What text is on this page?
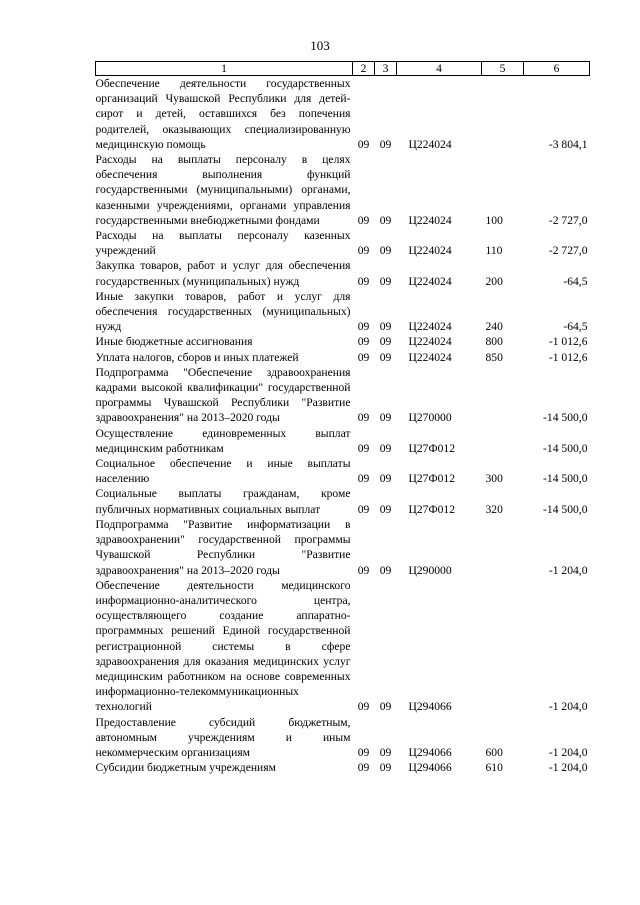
103
1	2	3	4	5	6
Обеспечение деятельности государственных организаций Чувашской Республики для детей-сирот и детей, оставшихся без попечения родителей, оказывающих специализированную медицинскую помощь	09	09	Ц224024		-3 804,1
Расходы на выплаты персоналу в целях обеспечения выполнения функций государственными (муниципальными) органами, казенными учреждениями, органами управления государственными внебюджетными фондами	09	09	Ц224024	100	-2 727,0
Расходы на выплаты персоналу казенных учреждений	09	09	Ц224024	110	-2 727,0
Закупка товаров, работ и услуг для обеспечения государственных (муниципальных) нужд	09	09	Ц224024	200	-64,5
Иные закупки товаров, работ и услуг для обеспечения государственных (муниципальных) нужд	09	09	Ц224024	240	-64,5
Иные бюджетные ассигнования	09	09	Ц224024	800	-1 012,6
Уплата налогов, сборов и иных платежей	09	09	Ц224024	850	-1 012,6
Подпрограмма "Обеспечение здравоохранения кадрами высокой квалификации" государственной программы Чувашской Республики "Развитие здравоохранения" на 2013–2020 годы	09	09	Ц270000		-14 500,0
Осуществление единовременных выплат медицинским работникам	09	09	Ц27Ф012		-14 500,0
Социальное обеспечение и иные выплаты населению	09	09	Ц27Ф012	300	-14 500,0
Социальные выплаты гражданам, кроме публичных нормативных социальных выплат	09	09	Ц27Ф012	320	-14 500,0
Подпрограмма "Развитие информатизации в здравоохранении" государственной программы Чувашской Республики "Развитие здравоохранения" на 2013–2020 годы	09	09	Ц290000		-1 204,0
Обеспечение деятельности медицинского информационно-аналитического центра, осуществляющего создание аппаратно-программных решений Единой государственной регистрационной системы в сфере здравоохранения для оказания медицинских услуг медицинским работником на основе современных информационно-телекоммуникационных технологий	09	09	Ц294066		-1 204,0
Предоставление субсидий бюджетным, автономным учреждениям и иным некоммерческим организациям	09	09	Ц294066	600	-1 204,0
Субсидии бюджетным учреждениям	09	09	Ц294066	610	-1 204,0
